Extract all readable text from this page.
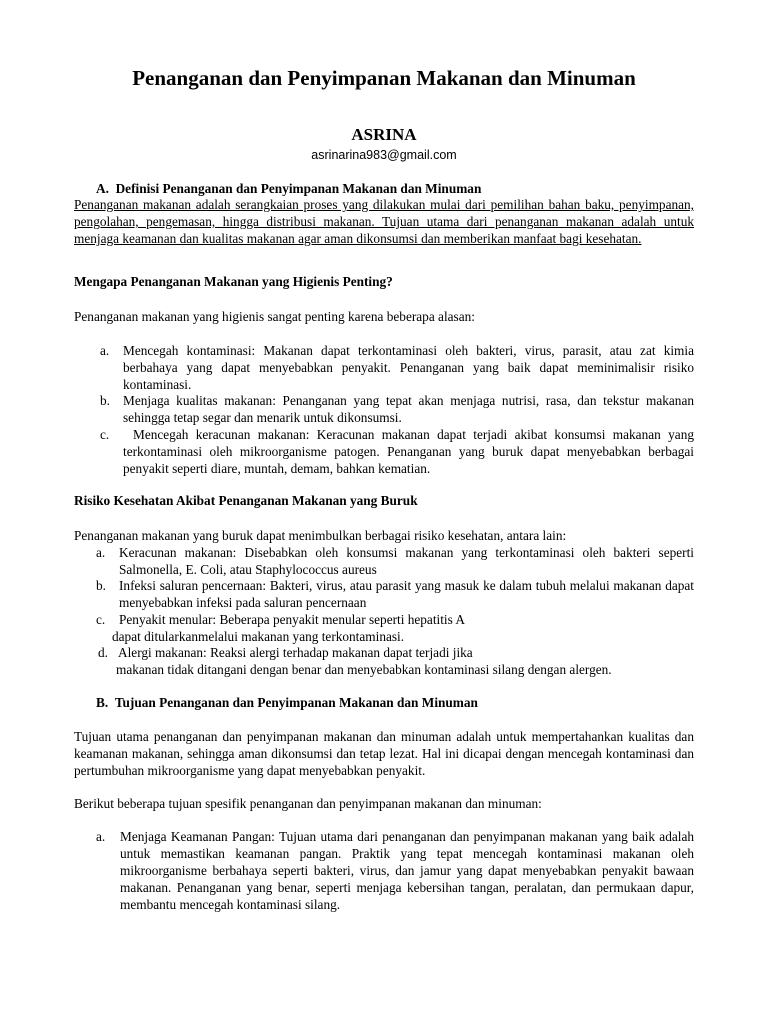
Penanganan dan Penyimpanan Makanan dan Minuman
ASRINA
asrinarina983@gmail.com
A.  Definisi Penanganan dan Penyimpanan Makanan dan Minuman

Penanganan makanan adalah serangkaian proses yang dilakukan mulai dari pemilihan bahan baku, penyimpanan, pengolahan, pengemasan, hingga distribusi makanan. Tujuan utama dari penanganan makanan adalah untuk menjaga keamanan dan kualitas makanan agar aman dikonsumsi dan memberikan manfaat bagi kesehatan.

Mengapa Penanganan Makanan yang Higienis Penting?

Penanganan makanan yang higienis sangat penting karena beberapa alasan:

a. Mencegah kontaminasi: Makanan dapat terkontaminasi oleh bakteri, virus, parasit, atau zat kimia berbahaya yang dapat menyebabkan penyakit. Penanganan yang baik dapat meminimalisir risiko kontaminasi.
b. Menjaga kualitas makanan: Penanganan yang tepat akan menjaga nutrisi, rasa, dan tekstur makanan sehingga tetap segar dan menarik untuk dikonsumsi.
c.	Mencegah keracunan makanan: Keracunan makanan dapat terjadi akibat konsumsi makanan yang terkontaminasi oleh mikroorganisme patogen. Penanganan yang buruk dapat menyebabkan berbagai penyakit seperti diare, muntah, demam, bahkan kematian.
Risiko Kesehatan Akibat Penanganan Makanan yang Buruk

Penanganan makanan yang buruk dapat menimbulkan berbagai risiko kesehatan, antara lain:

a. Keracunan makanan: Disebabkan oleh konsumsi makanan yang terkontaminasi oleh bakteri seperti Salmonella, E. Coli, atau Staphylococcus aureus
b. Infeksi saluran pencernaan: Bakteri, virus, atau parasit yang masuk ke dalam tubuh melalui makanan dapat menyebabkan infeksi pada saluran pencernaan
c. Penyakit menular: Beberapa penyakit menular seperti hepatitis A
dapat ditularkanmelalui makanan yang terkontaminasi.
d. Alergi makanan: Reaksi alergi terhadap makanan dapat terjadi jika
makanan tidak ditangani dengan benar dan menyebabkan kontaminasi silang dengan alergen.
B.  Tujuan Penanganan dan Penyimpanan Makanan dan Minuman

Tujuan utama penanganan dan penyimpanan makanan dan minuman adalah untuk mempertahankan kualitas dan keamanan makanan, sehingga aman dikonsumsi dan tetap lezat. Hal ini dicapai dengan mencegah kontaminasi dan pertumbuhan mikroorganisme yang dapat menyebabkan penyakit.

Berikut beberapa tujuan spesifik penanganan dan penyimpanan makanan dan minuman:

a. Menjaga Keamanan Pangan: Tujuan utama dari penanganan dan penyimpanan makanan yang baik adalah untuk memastikan keamanan pangan. Praktik yang tepat mencegah kontaminasi makanan oleh mikroorganisme berbahaya seperti bakteri, virus, dan jamur yang dapat menyebabkan penyakit bawaan makanan. Penanganan yang benar, seperti menjaga kebersihan tangan, peralatan, dan permukaan dapur, membantu mencegah kontaminasi silang.
